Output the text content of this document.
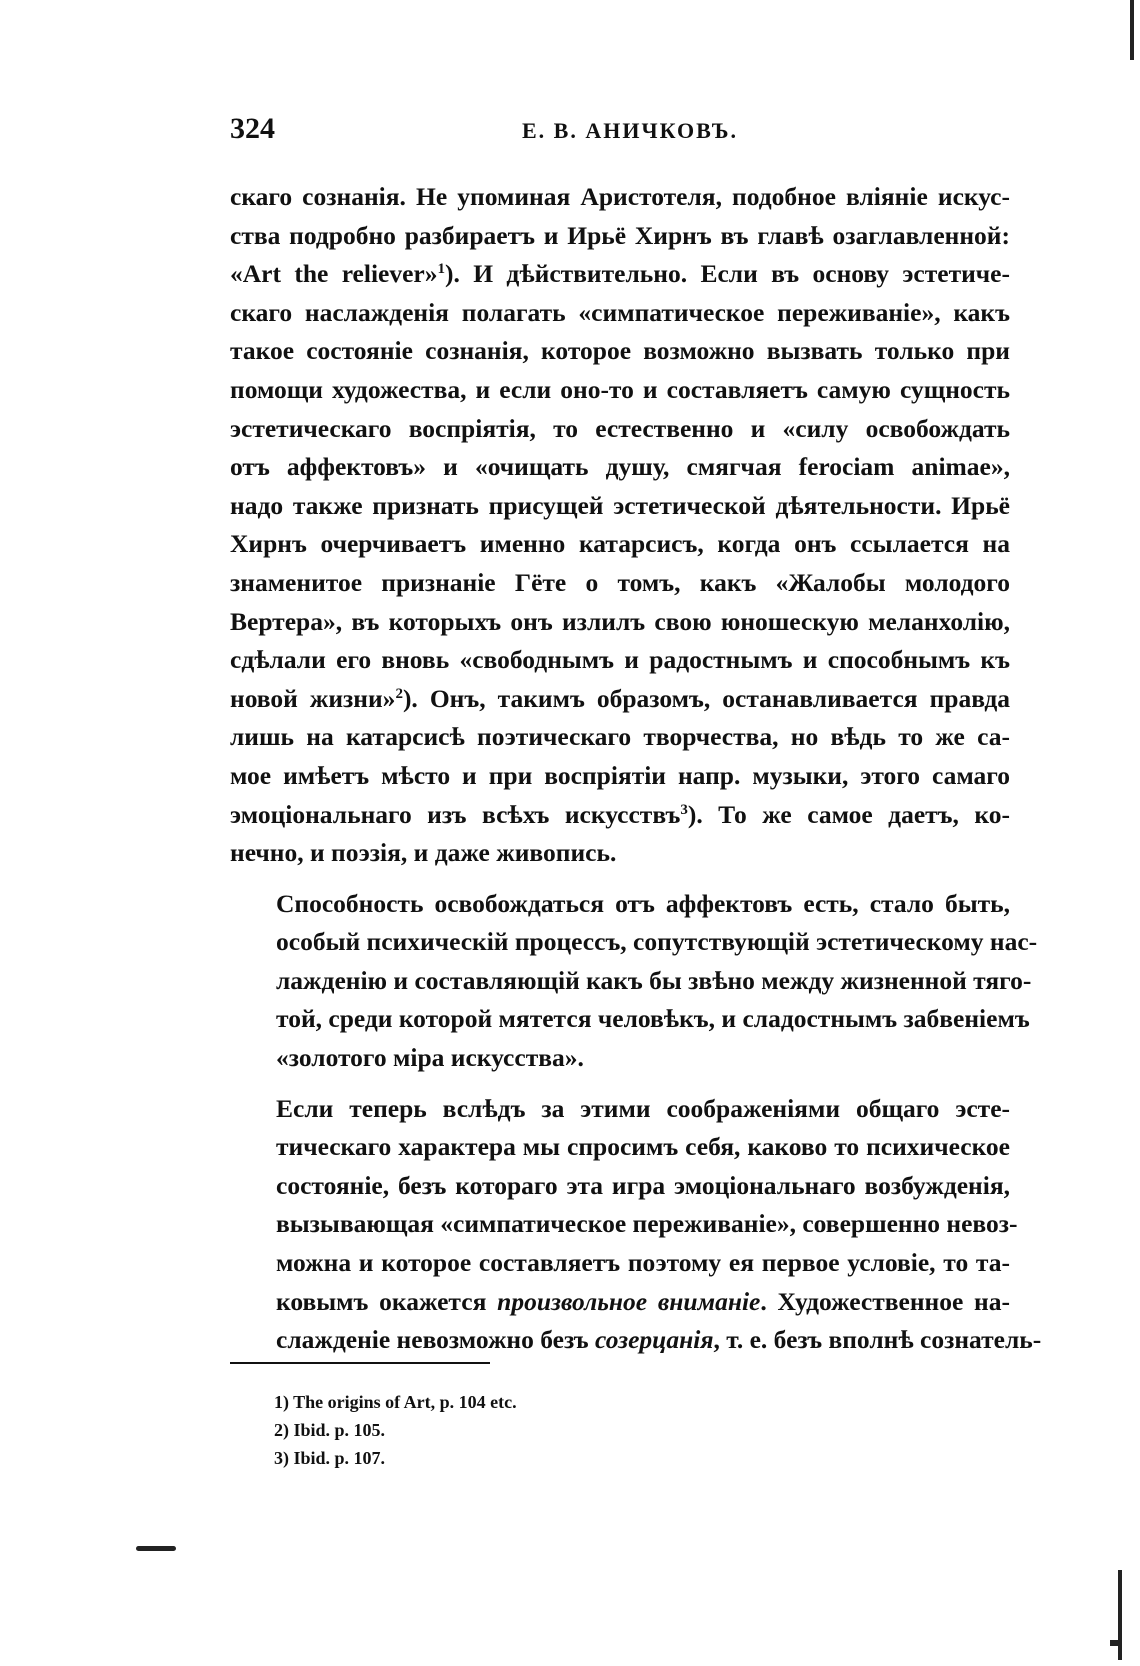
324	Е. В. АНИЧКОВЪ.

скаго сознанія. Не упоминая Аристотеля, подобное вліяніе искус-
ства подробно разбираетъ и Ирьё Хирнъ въ главѣ озаглавленной:
«Art the reliever»$^1$). И дѣйствительно. Если въ основу эстетиче-
скаго наслажденія полагать «симпатическое переживаніе», какъ
такое состояніе сознанія, которое возможно вызвать только при
помощи художества, и если оно-то и составляетъ самую сущность
эстетическаго воспріятія, то естественно и «силу освобождать
отъ аффектовъ» и «очищать душу, смягчая ferociam animae»,
надо также признать присущей эстетической дѣятельности. Ирьё
Хирнъ очерчиваетъ именно катарсисъ, когда онъ ссылается на
знаменитое признаніе Гёте о томъ, какъ «Жалобы молодого
Вертера», въ которыхъ онъ излилъ свою юношескую меланхолію,
сдѣлали его вновь «свободнымъ и радостнымъ и способнымъ къ
новой жизни»$^2$). Онъ, такимъ образомъ, останавливается правда
лишь на катарсисѣ поэтическаго творчества, но вѣдь то же са-
мое имѣетъ мѣсто и при воспріятіи напр. музыки, этого самаго
эмоціональнаго изъ всѣхъ искусствъ$^3$). То же самое даетъ, ко-
нечно, и поэзія, и даже живопись.

Способность освобождаться отъ аффектовъ есть, стало быть,
особый психическій процессъ, сопутствующій эстетическому нас-
лажденію и составляющій какъ бы звѣно между жизненной тяго-
той, среди которой мятется человѣкъ, и сладостнымъ забвеніемъ
«золотого міра искусства».

Если теперь вслѣдъ за этими соображеніями общаго эсте-
тическаго характера мы спросимъ себя, каково то психическое
состояніе, безъ котораго эта игра эмоціональнаго возбужденія,
вызывающая «симпатическое переживаніе», совершенно невоз-
можна и которое составляетъ поэтому ея первое условіе, то та-
ковымъ окажется произвольное вниманіе. Художественное на-
слажденіе невозможно безъ созерцанія, т. е. безъ вполнѣ сознатель-

1) The origins of Art, p. 104 etc.
2) Ibid. p. 105.
3) Ibid. p. 107.
